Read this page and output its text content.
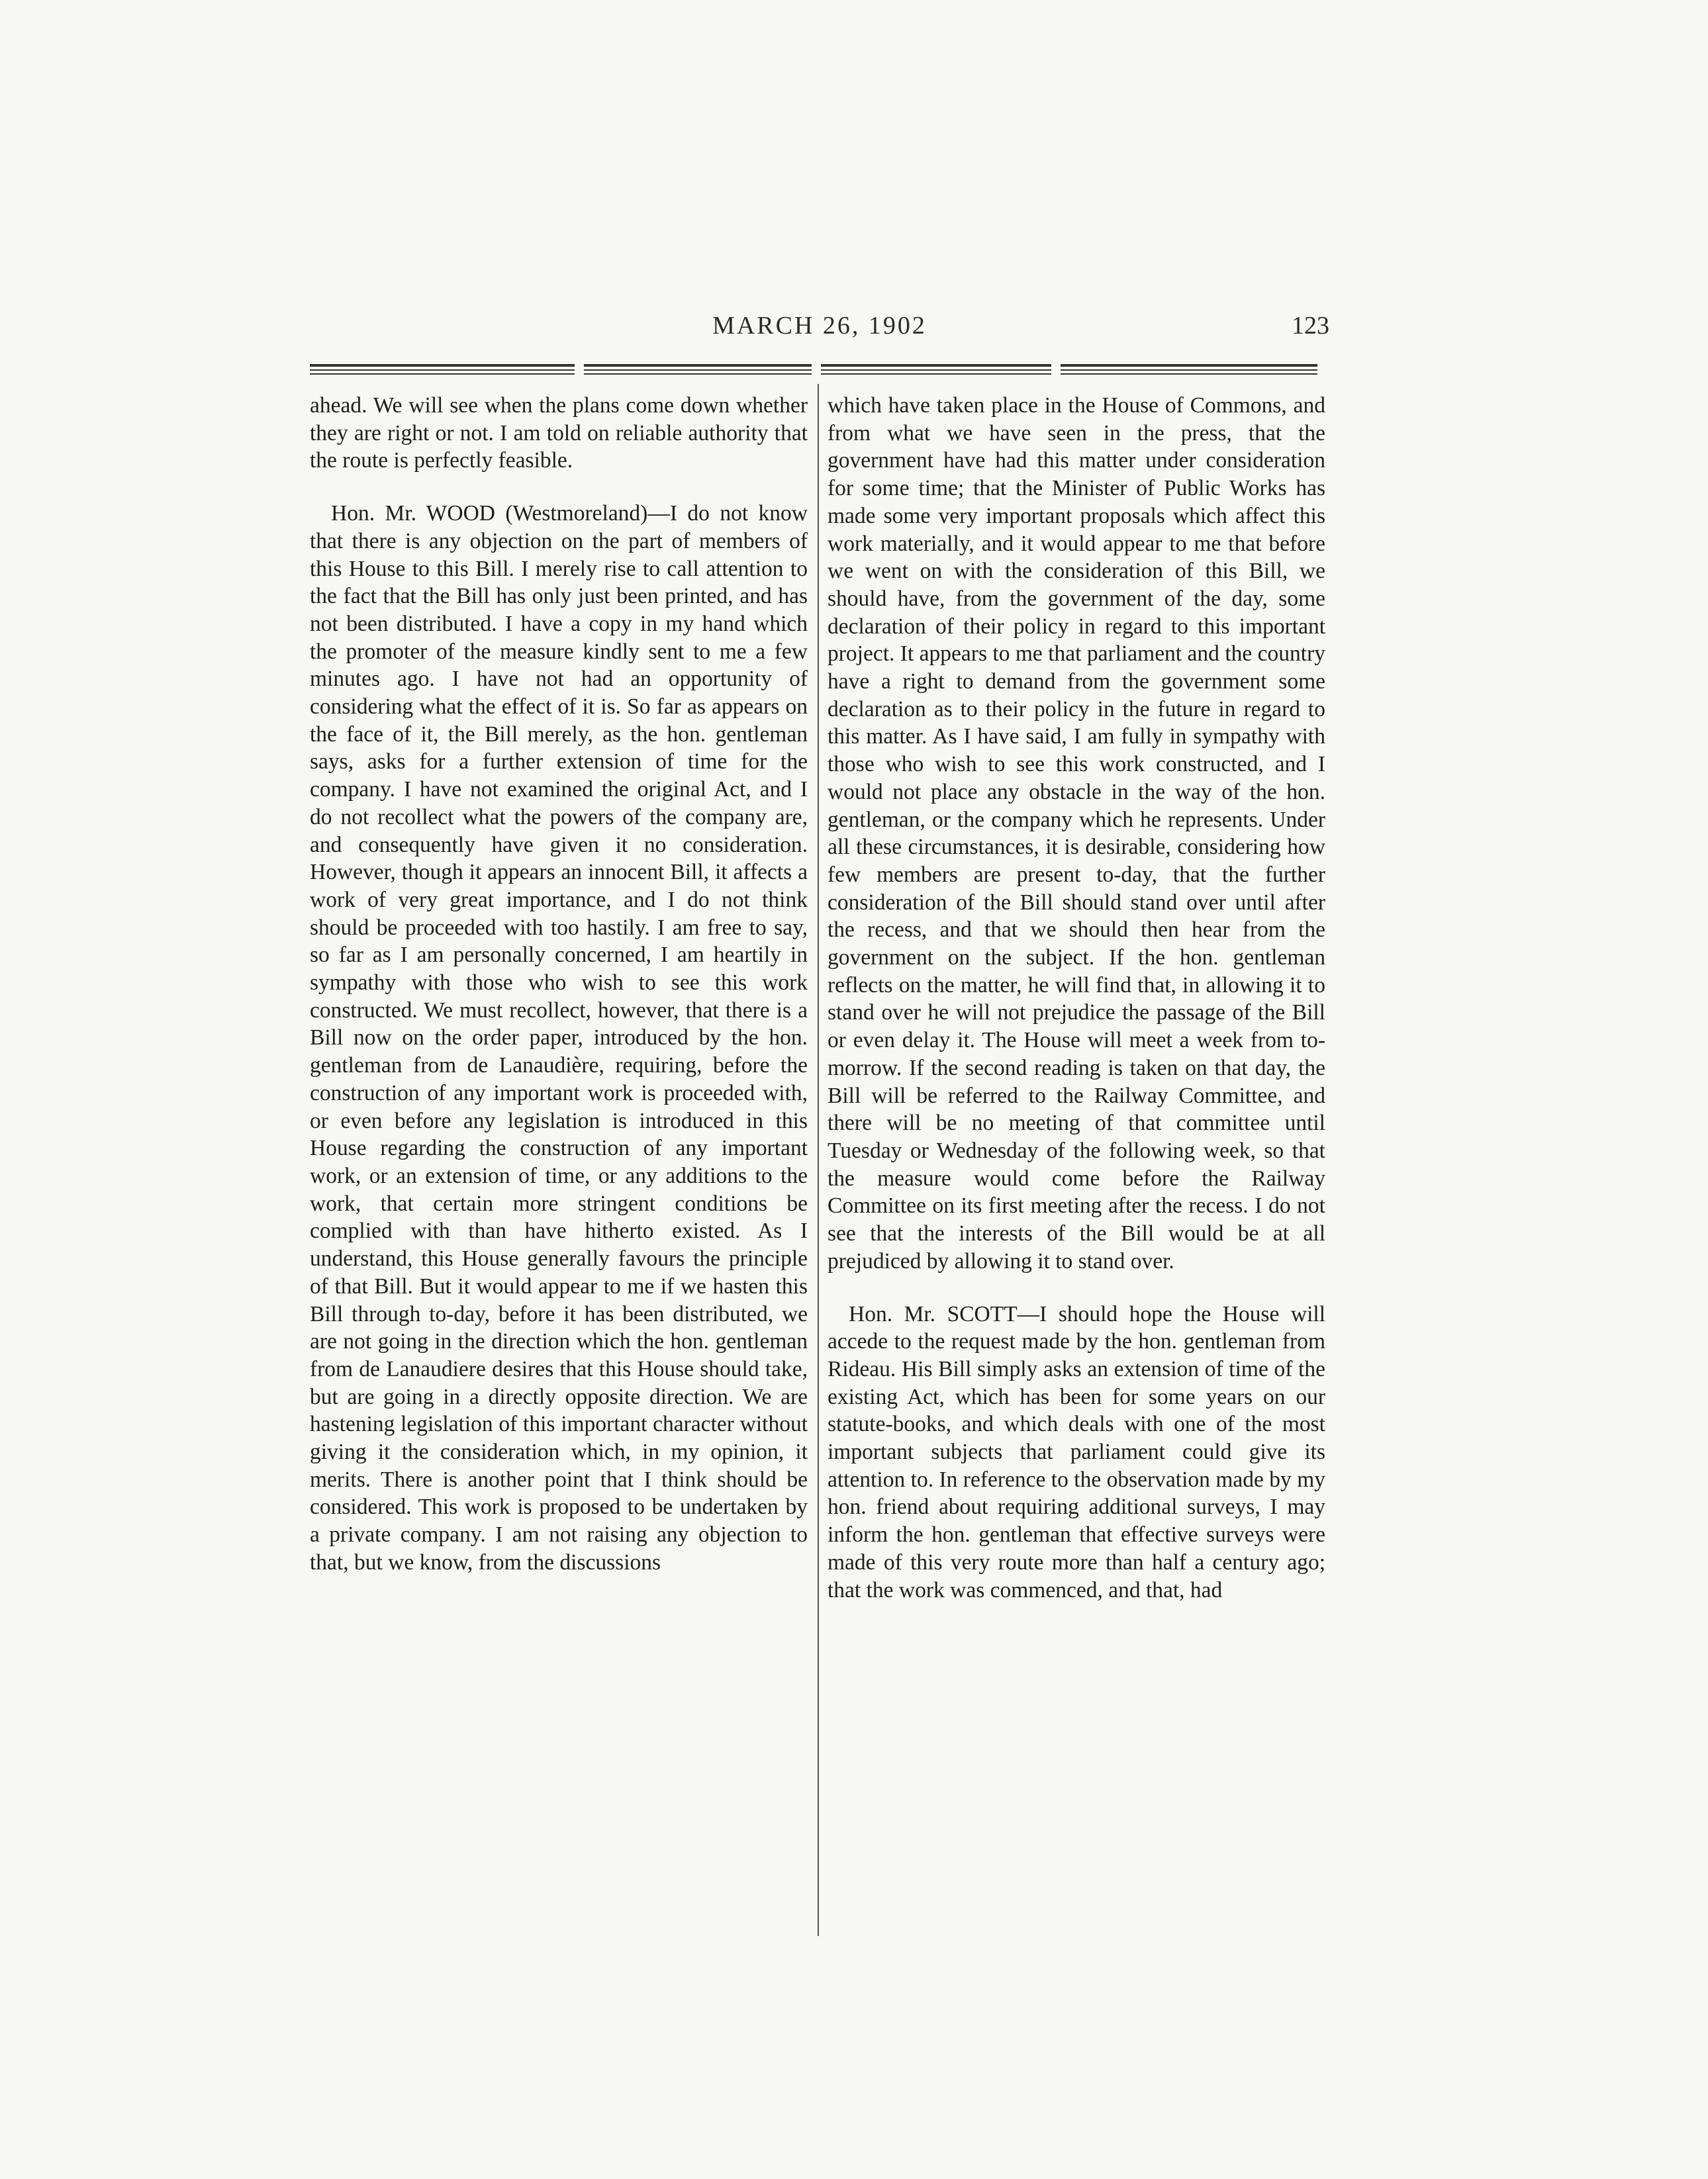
MARCH 26, 1902	123

ahead. We will see when the plans come down whether they are right or not. I am told on reliable authority that the route is perfectly feasible.

Hon. Mr. WOOD (Westmoreland)—I do not know that there is any objection on the part of members of this House to this Bill. I merely rise to call attention to the fact that the Bill has only just been printed, and has not been distributed. I have a copy in my hand which the promoter of the measure kindly sent to me a few minutes ago. I have not had an opportunity of considering what the effect of it is. So far as appears on the face of it, the Bill merely, as the hon. gentleman says, asks for a further extension of time for the company. I have not examined the original Act, and I do not recollect what the powers of the company are, and consequently have given it no consideration. However, though it appears an innocent Bill, it affects a work of very great importance, and I do not think should be proceeded with too hastily. I am free to say, so far as I am personally concerned, I am heartily in sympathy with those who wish to see this work constructed. We must recollect, however, that there is a Bill now on the order paper, introduced by the hon. gentleman from de Lanaudière, requiring, before the construction of any important work is proceeded with, or even before any legislation is introduced in this House regarding the construction of any important work, or an extension of time, or any additions to the work, that certain more stringent conditions be complied with than have hitherto existed. As I understand, this House generally favours the principle of that Bill. But it would appear to me if we hasten this Bill through to-day, before it has been distributed, we are not going in the direction which the hon. gentleman from de Lanaudiere desires that this House should take, but are going in a directly opposite direction. We are hastening legislation of this important character without giving it the consideration which, in my opinion, it merits. There is another point that I think should be considered. This work is proposed to be undertaken by a private company. I am not raising any objection to that, but we know, from the discussions

which have taken place in the House of Commons, and from what we have seen in the press, that the government have had this matter under consideration for some time; that the Minister of Public Works has made some very important proposals which affect this work materially, and it would appear to me that before we went on with the consideration of this Bill, we should have, from the government of the day, some declaration of their policy in regard to this important project. It appears to me that parliament and the country have a right to demand from the government some declaration as to their policy in the future in regard to this matter. As I have said, I am fully in sympathy with those who wish to see this work constructed, and I would not place any obstacle in the way of the hon. gentleman, or the company which he represents. Under all these circumstances, it is desirable, considering how few members are present to-day, that the further consideration of the Bill should stand over until after the recess, and that we should then hear from the government on the subject. If the hon. gentleman reflects on the matter, he will find that, in allowing it to stand over he will not prejudice the passage of the Bill or even delay it. The House will meet a week from to-morrow. If the second reading is taken on that day, the Bill will be referred to the Railway Committee, and there will be no meeting of that committee until Tuesday or Wednesday of the following week, so that the measure would come before the Railway Committee on its first meeting after the recess. I do not see that the interests of the Bill would be at all prejudiced by allowing it to stand over.

Hon. Mr. SCOTT—I should hope the House will accede to the request made by the hon. gentleman from Rideau. His Bill simply asks an extension of time of the existing Act, which has been for some years on our statute-books, and which deals with one of the most important subjects that parliament could give its attention to. In reference to the observation made by my hon. friend about requiring additional surveys, I may inform the hon. gentleman that effective surveys were made of this very route more than half a century ago; that the work was commenced, and that, had
